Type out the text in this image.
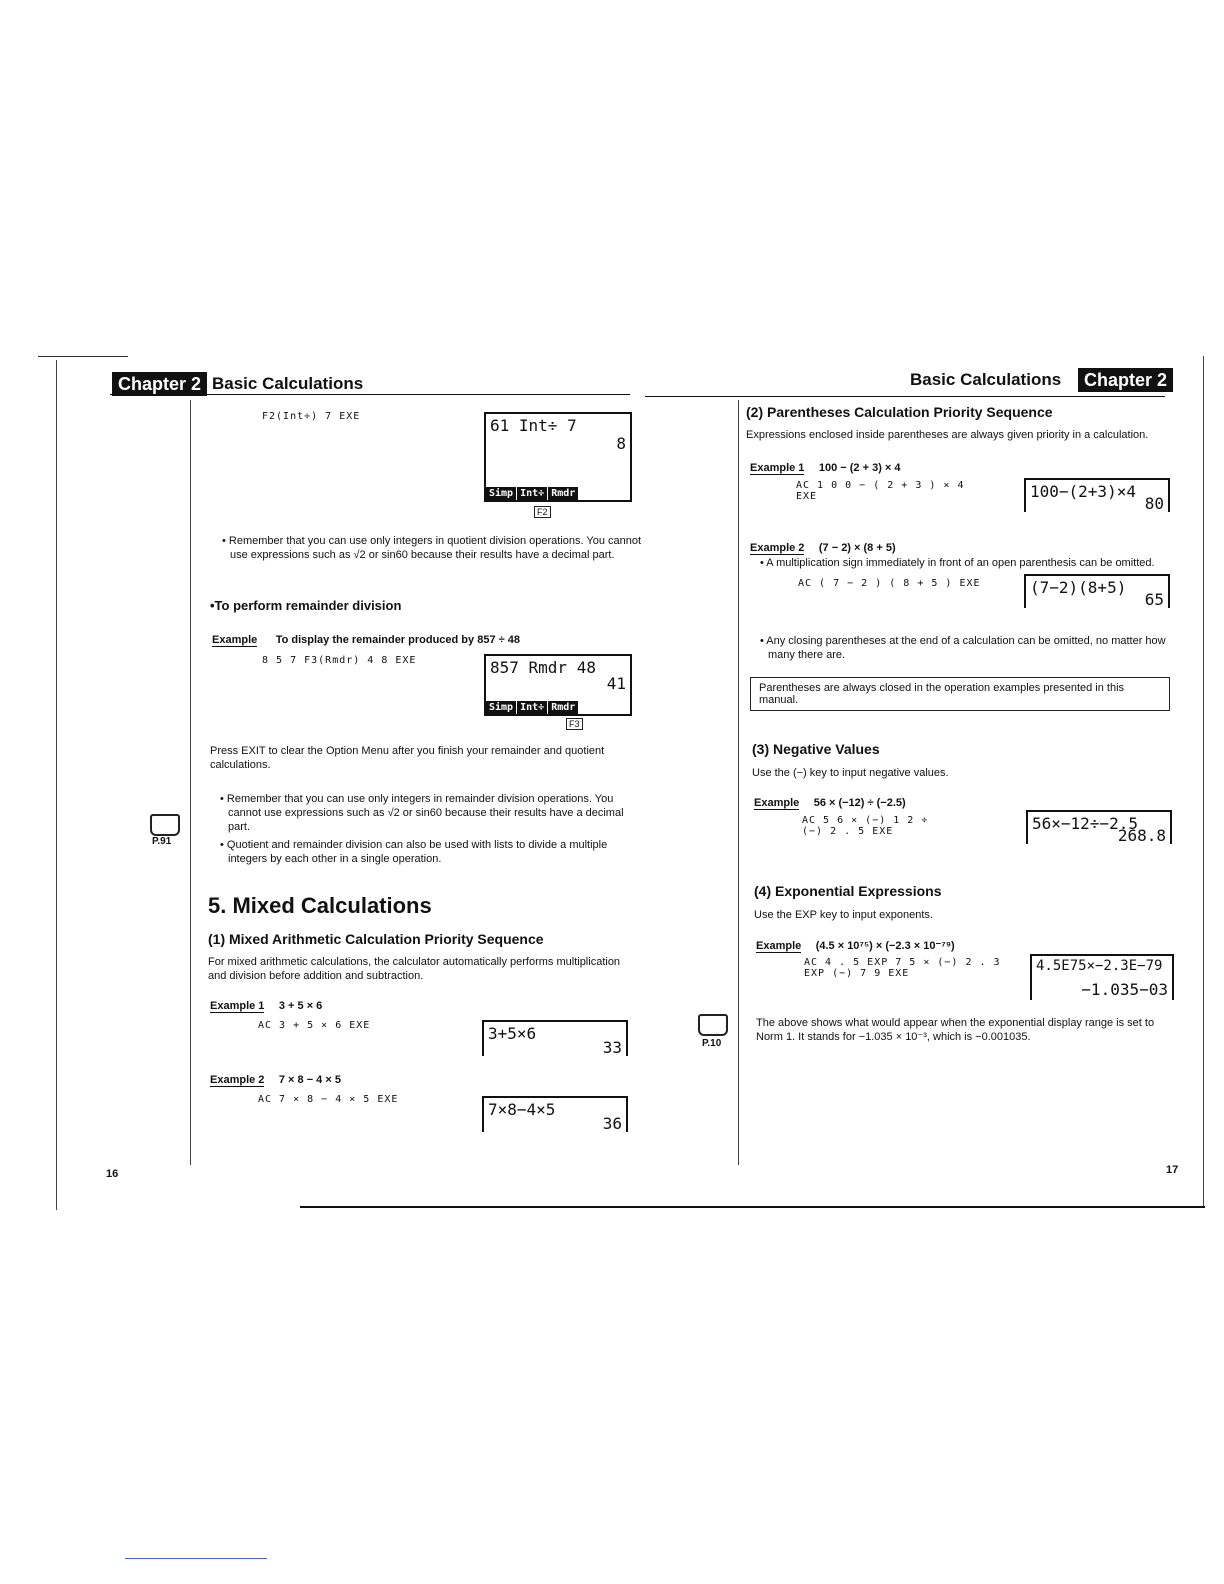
Chapter 2 Basic Calculations
F2(Int÷) 7 EXE	61 Int÷ 7
8
Simp Int÷ Rmdr
F2
• Remember that you can use only integers in quotient division operations. You cannot use expressions such as √2 or sin60 because their results have a decimal part.
•To perform remainder division
Example To display the remainder produced by 857 ÷ 48
8 5 7 F3(Rmdr) 4 8 EXE	857 Rmdr 48
41
Simp Int÷ Rmdr
F3
Press EXIT to clear the Option Menu after you finish your remainder and quotient calculations.
• Remember that you can use only integers in remainder division operations. You cannot use expressions such as √2 or sin60 because their results have a decimal part.
• Quotient and remainder division can also be used with lists to divide a multiple integers by each other in a single operation.
P.91
5. Mixed Calculations
(1) Mixed Arithmetic Calculation Priority Sequence
For mixed arithmetic calculations, the calculator automatically performs multiplication and division before addition and subtraction.
Example 1 3 + 5 × 6
AC 3 + 5 × 6 EXE	3+5×6
33
Example 2 7 × 8 − 4 × 5
AC 7 × 8 − 4 × 5 EXE
7×8−4×5
36
16
Basic Calculations	Chapter 2
(2) Parentheses Calculation Priority Sequence
Expressions enclosed inside parentheses are always given priority in a calculation.
Example 1 100 − (2 + 3) × 4
AC 1 0 0 − ( 2 + 3 ) × 4 EXE	100−(2+3)×4
80
Example 2 (7 − 2) × (8 + 5)
• A multiplication sign immediately in front of an open parenthesis can be omitted.
AC ( 7 − 2 ) ( 8 + 5 ) EXE	(7−2)(8+5)
65
• Any closing parentheses at the end of a calculation can be omitted, no matter how many there are.
Parentheses are always closed in the operation examples presented in this manual.
(3) Negative Values
Use the (−) key to input negative values.
Example 56 × (−12) ÷ (−2.5)
AC 5 6 × (−) 1 2 ÷ (−) 2 . 5 EXE	56×−12÷−2.5
268.8
(4) Exponential Expressions
Use the EXP key to input exponents.
Example (4.5 × 10⁷⁵) × (−2.3 × 10⁻⁷⁹)
AC 4 . 5 EXP 7 5 × (−) 2 . 3 EXP (−) 7 9 EXE	4.5E75×−2.3E−79
−1.035−03
P.10
The above shows what would appear when the exponential display range is set to Norm 1. It stands for −1.035 × 10⁻³, which is −0.001035.
17
